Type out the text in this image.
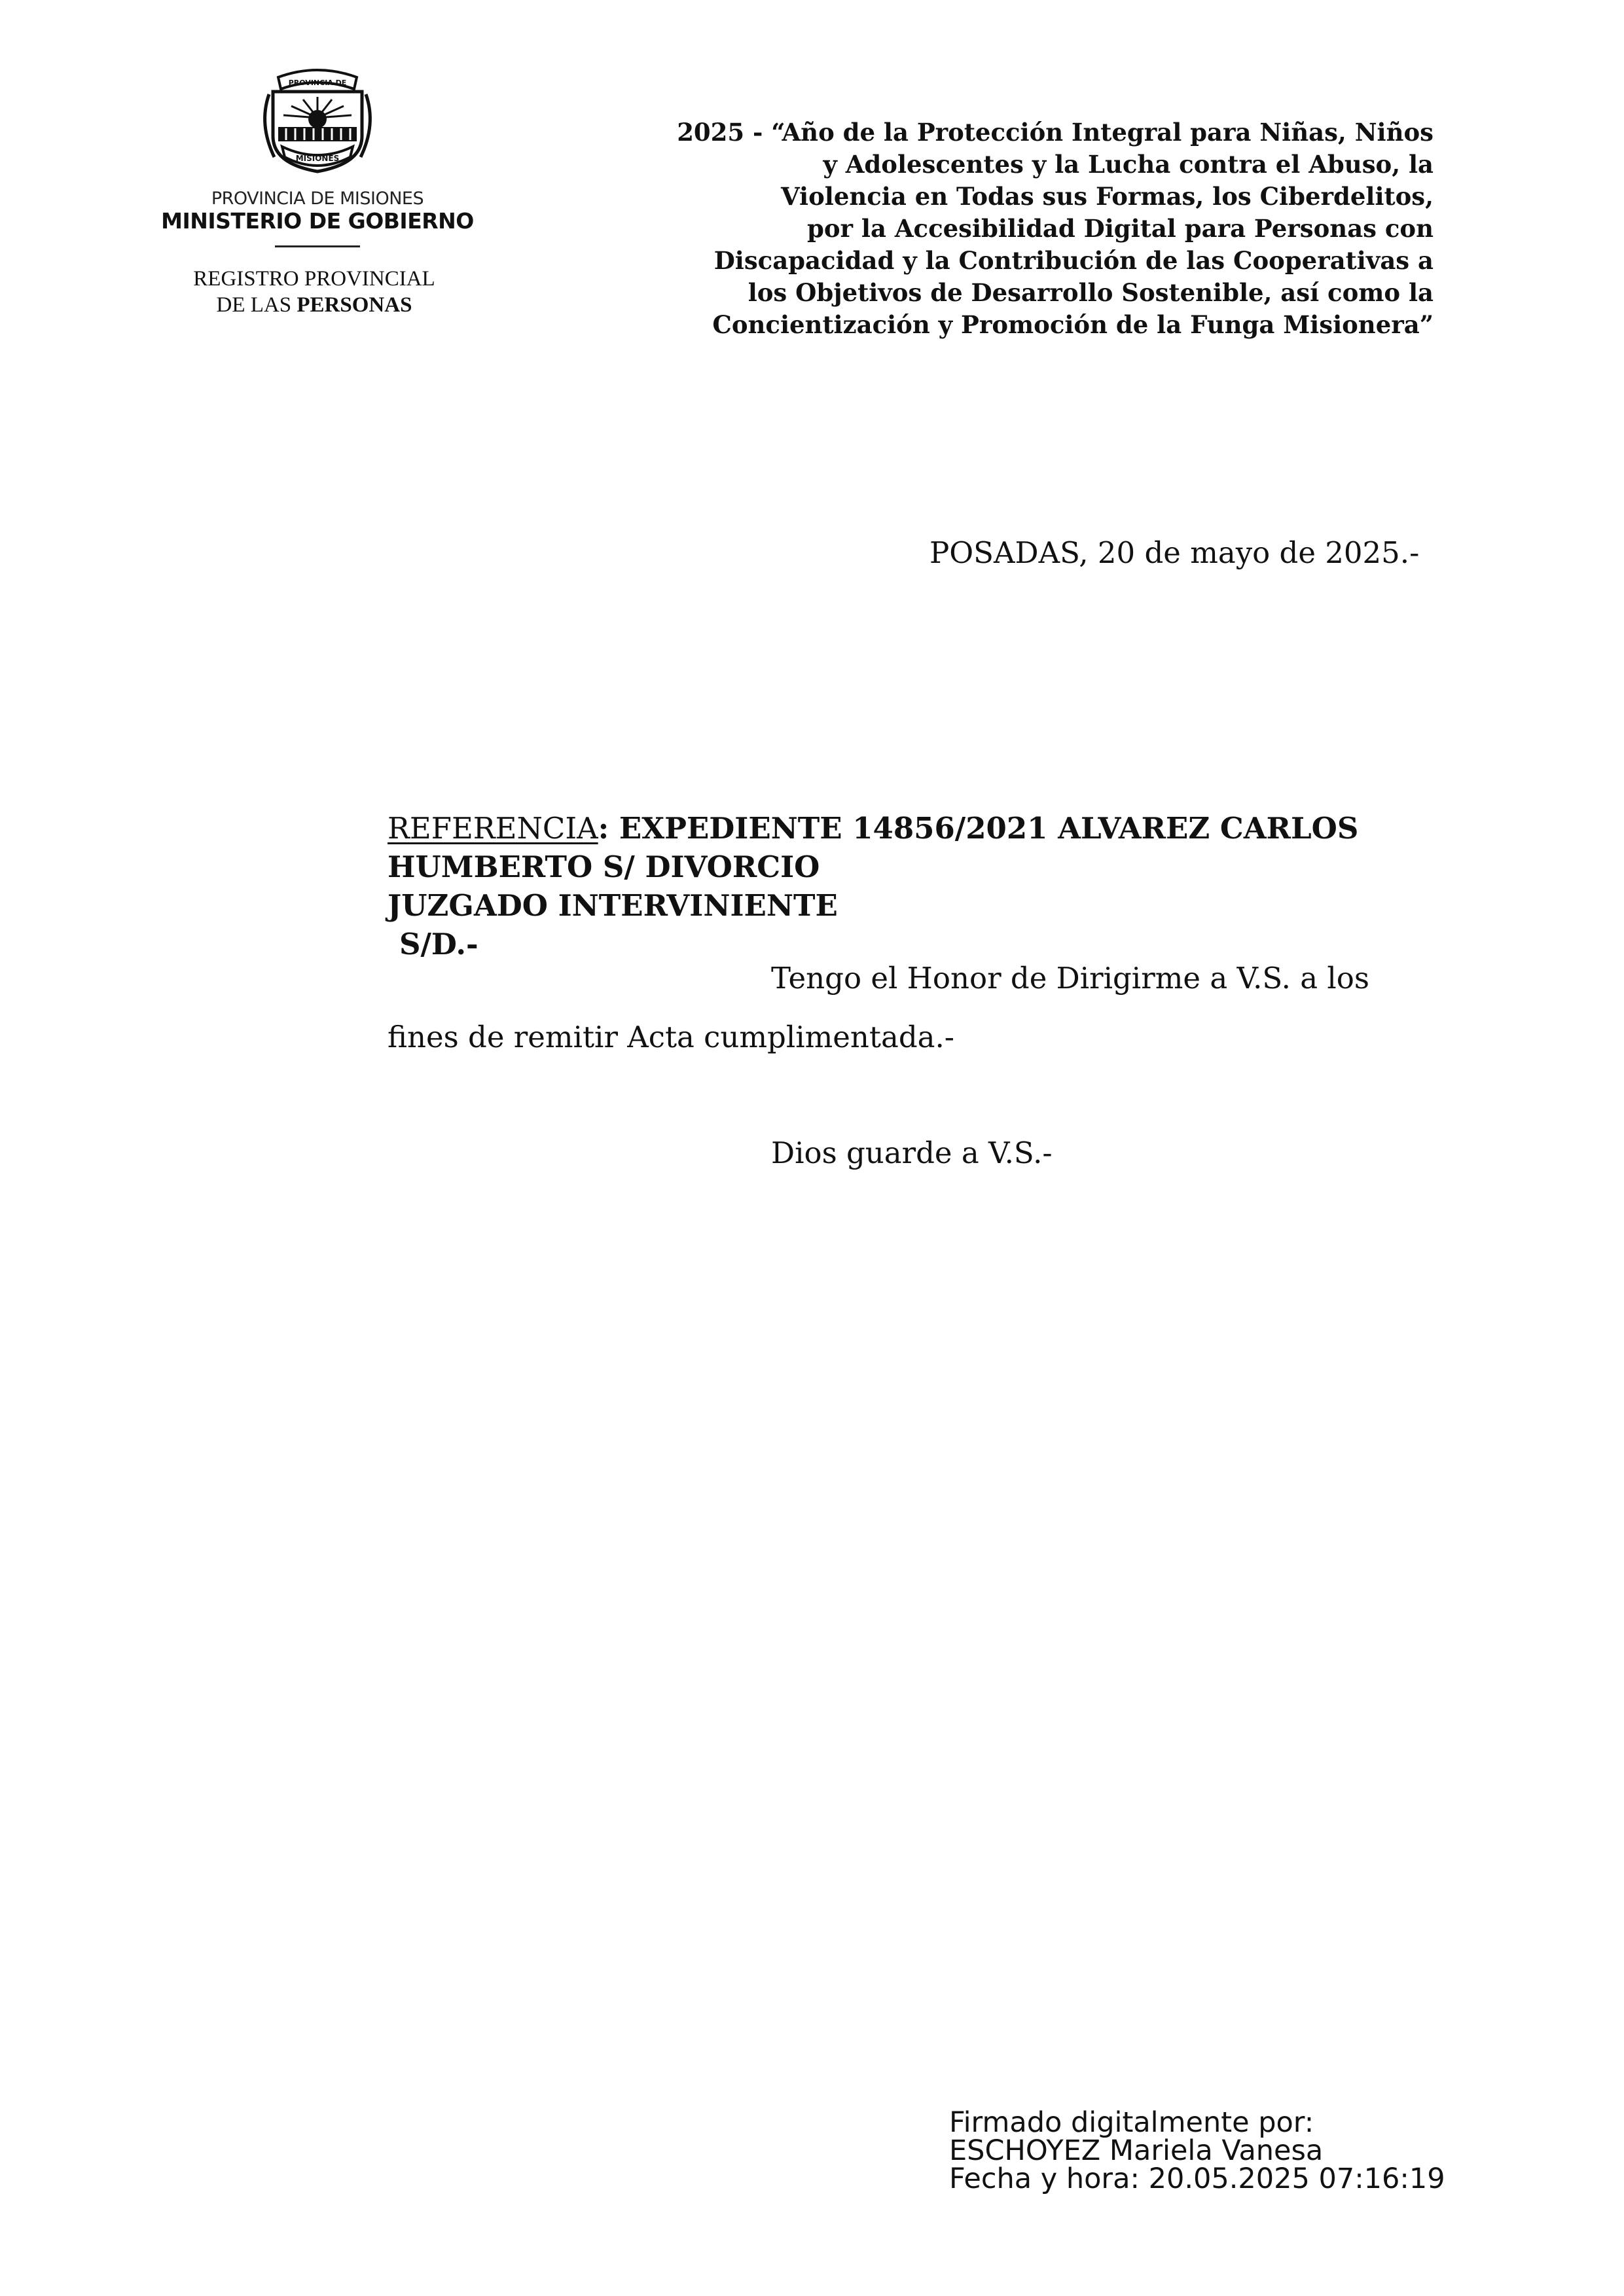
PROVINCIA DE
MISIONES
PROVINCIA DE MISIONES
MINISTERIO DE GOBIERNO
REGISTRO PROVINCIAL
DE LAS PERSONAS
2025 - “Año de la Protección Integral para Niñas, Niños
y Adolescentes y la Lucha contra el Abuso, la
Violencia en Todas sus Formas, los Ciberdelitos,
por la Accesibilidad Digital para Personas con
Discapacidad y la Contribución de las Cooperativas a
los Objetivos de Desarrollo Sostenible, así como la
Concientización y Promoción de la Funga Misionera”
POSADAS, 20 de mayo de 2025.-
REFERENCIA: EXPEDIENTE 14856/2021 ALVAREZ CARLOS
HUMBERTO S/ DIVORCIO
JUZGADO INTERVINIENTE
S/D.-
Tengo el Honor de Dirigirme a V.S. a los
fines de remitir Acta cumplimentada.-
Dios guarde a V.S.-
Firmado digitalmente por:
ESCHOYEZ Mariela Vanesa
Fecha y hora: 20.05.2025 07:16:19
